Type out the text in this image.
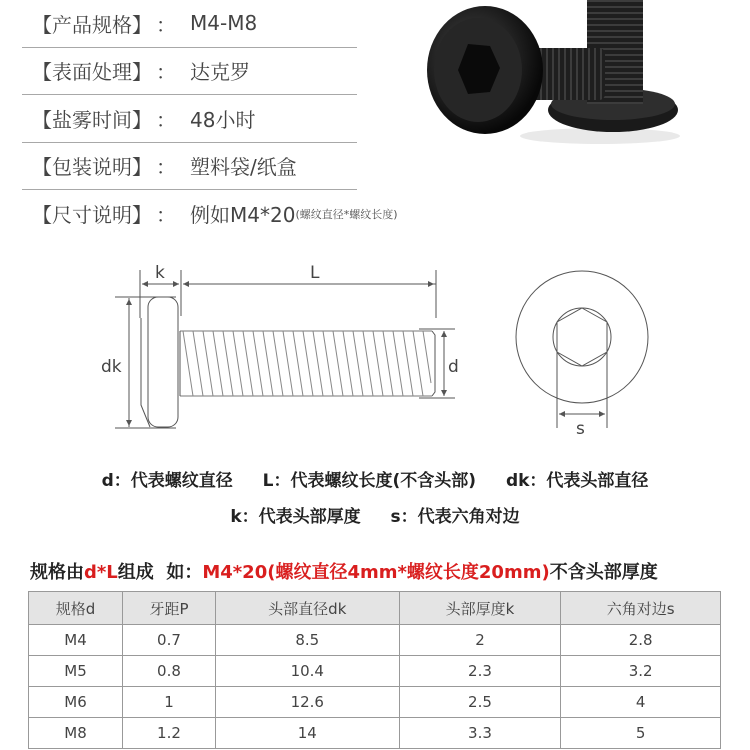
【产品规格】 ： M4-M8
【表面处理】 ： 达克罗
【盐雾时间】 ： 48小时
【包装说明】 ： 塑料袋/纸盒
【尺寸说明】 ： 例如M4*20 (螺纹直径*螺纹长度)
k	L
dk	d
s
d：代表螺纹直径 L：代表螺纹长度(不含头部) dk：代表头部直径
k：代表头部厚度 s：代表六角对边
规格由d*L组成  如：M4*20(螺纹直径4mm*螺纹长度20mm)不含头部厚度
规格d	牙距P	头部直径dk	头部厚度k	六角对边s
M4	0.7	8.5	2	2.8
M5	0.8	10.4	2.3	3.2
M6	1	12.6	2.5	4
M8	1.2	14	3.3	5
